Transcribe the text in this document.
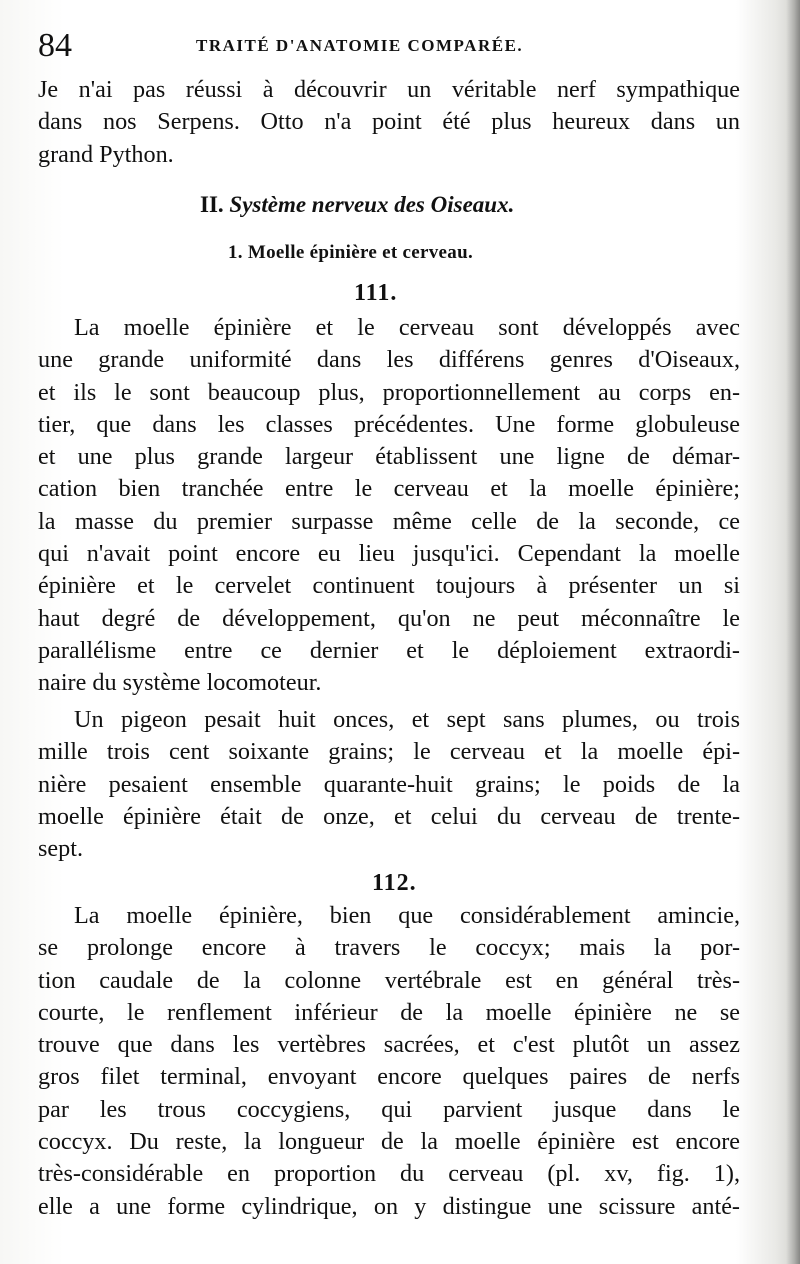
84	TRAITÉ D'ANATOMIE COMPARÉE.
Je n'ai pas réussi à découvrir un véritable nerf sympathique
dans nos Serpens. Otto n'a point été plus heureux dans un
grand Python.
II. Système nerveux des Oiseaux.
1. Moelle épinière et cerveau.
111.
La moelle épinière et le cerveau sont développés avec
une grande uniformité dans les différens genres d'Oiseaux,
et ils le sont beaucoup plus, proportionnellement au corps en-
tier, que dans les classes précédentes. Une forme globuleuse
et une plus grande largeur établissent une ligne de démar-
cation bien tranchée entre le cerveau et la moelle épinière;
la masse du premier surpasse même celle de la seconde, ce
qui n'avait point encore eu lieu jusqu'ici. Cependant la moelle
épinière et le cervelet continuent toujours à présenter un si
haut degré de développement, qu'on ne peut méconnaître le
parallélisme entre ce dernier et le déploiement extraordi-
naire du système locomoteur.
Un pigeon pesait huit onces, et sept sans plumes, ou trois
mille trois cent soixante grains; le cerveau et la moelle épi-
nière pesaient ensemble quarante-huit grains; le poids de la
moelle épinière était de onze, et celui du cerveau de trente-
sept.
112.
La moelle épinière, bien que considérablement amincie,
se prolonge encore à travers le coccyx; mais la por-
tion caudale de la colonne vertébrale est en général très-
courte, le renflement inférieur de la moelle épinière ne se
trouve que dans les vertèbres sacrées, et c'est plutôt un assez
gros filet terminal, envoyant encore quelques paires de nerfs
par les trous coccygiens, qui parvient jusque dans le
coccyx. Du reste, la longueur de la moelle épinière est encore
très-considérable en proportion du cerveau (pl. xv, fig. 1),
elle a une forme cylindrique, on y distingue une scissure anté-
